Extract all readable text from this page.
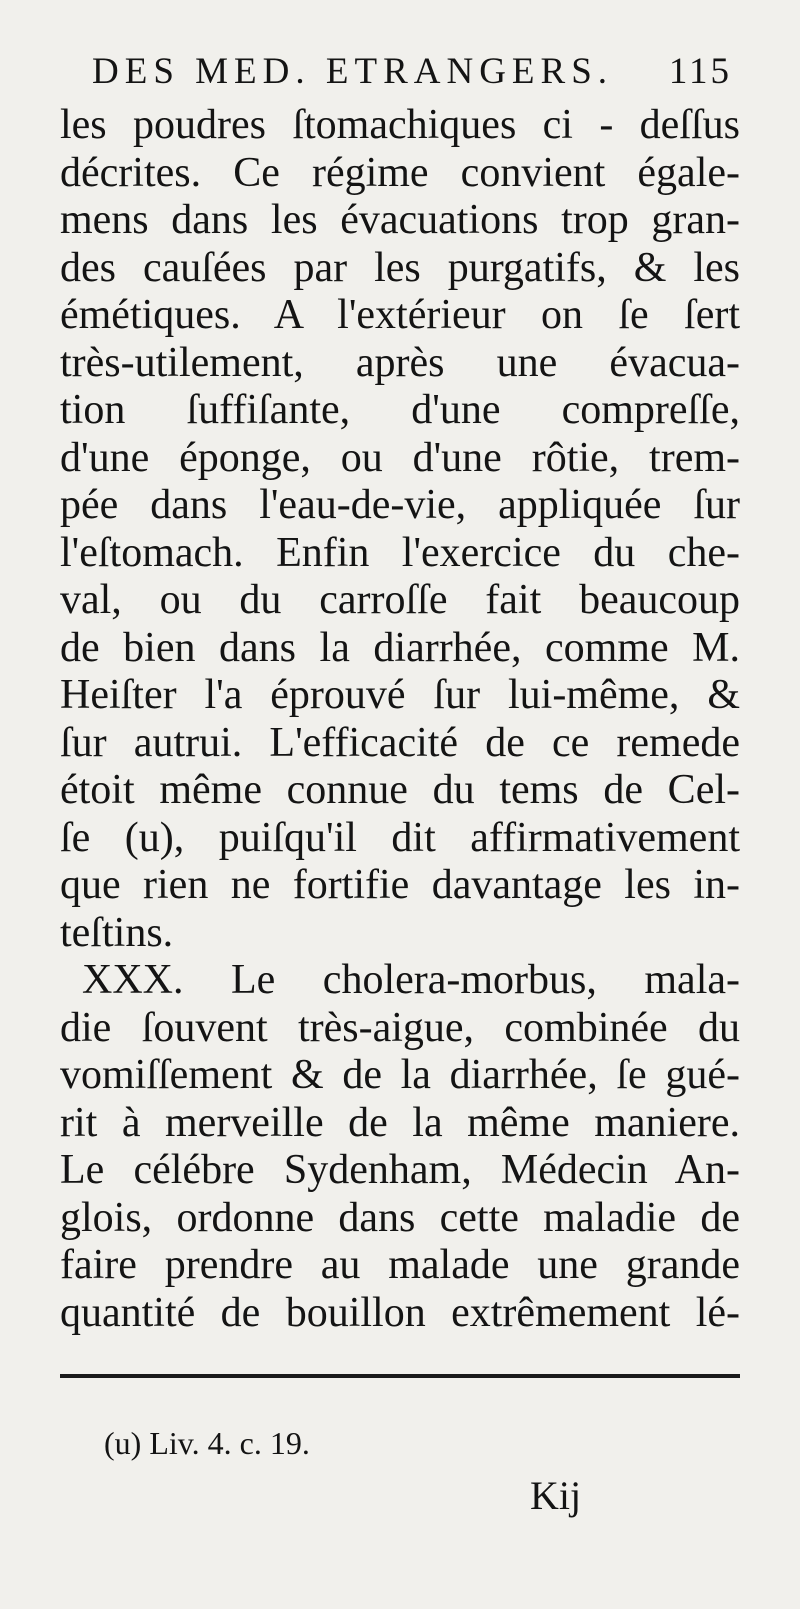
DES MED. ETRANGERS. 115
les poudres ſtomachiques ci - deſſus
décrites. Ce régime convient égale-
mens dans les évacuations trop gran-
des cauſées par les purgatifs, & les
émétiques. A l'extérieur on ſe ſert
très-utilement, après une évacua-
tion ſuffiſante, d'une compreſſe,
d'une éponge, ou d'une rôtie, trem-
pée dans l'eau-de-vie, appliquée ſur
l'eſtomach. Enfin l'exercice du che-
val, ou du carroſſe fait beaucoup
de bien dans la diarrhée, comme M.
Heiſter l'a éprouvé ſur lui-même, &
ſur autrui. L'efficacité de ce remede
étoit même connue du tems de Cel-
ſe (u), puiſqu'il dit affirmativement
que rien ne fortifie davantage les in-
teſtins.
XXX. Le cholera-morbus, mala-
die ſouvent très-aigue, combinée du
vomiſſement & de la diarrhée, ſe gué-
rit à merveille de la même maniere.
Le célébre Sydenham, Médecin An-
glois, ordonne dans cette maladie de
faire prendre au malade une grande
quantité de bouillon extrêmement lé-
(u) Liv. 4. c. 19.
Kij
